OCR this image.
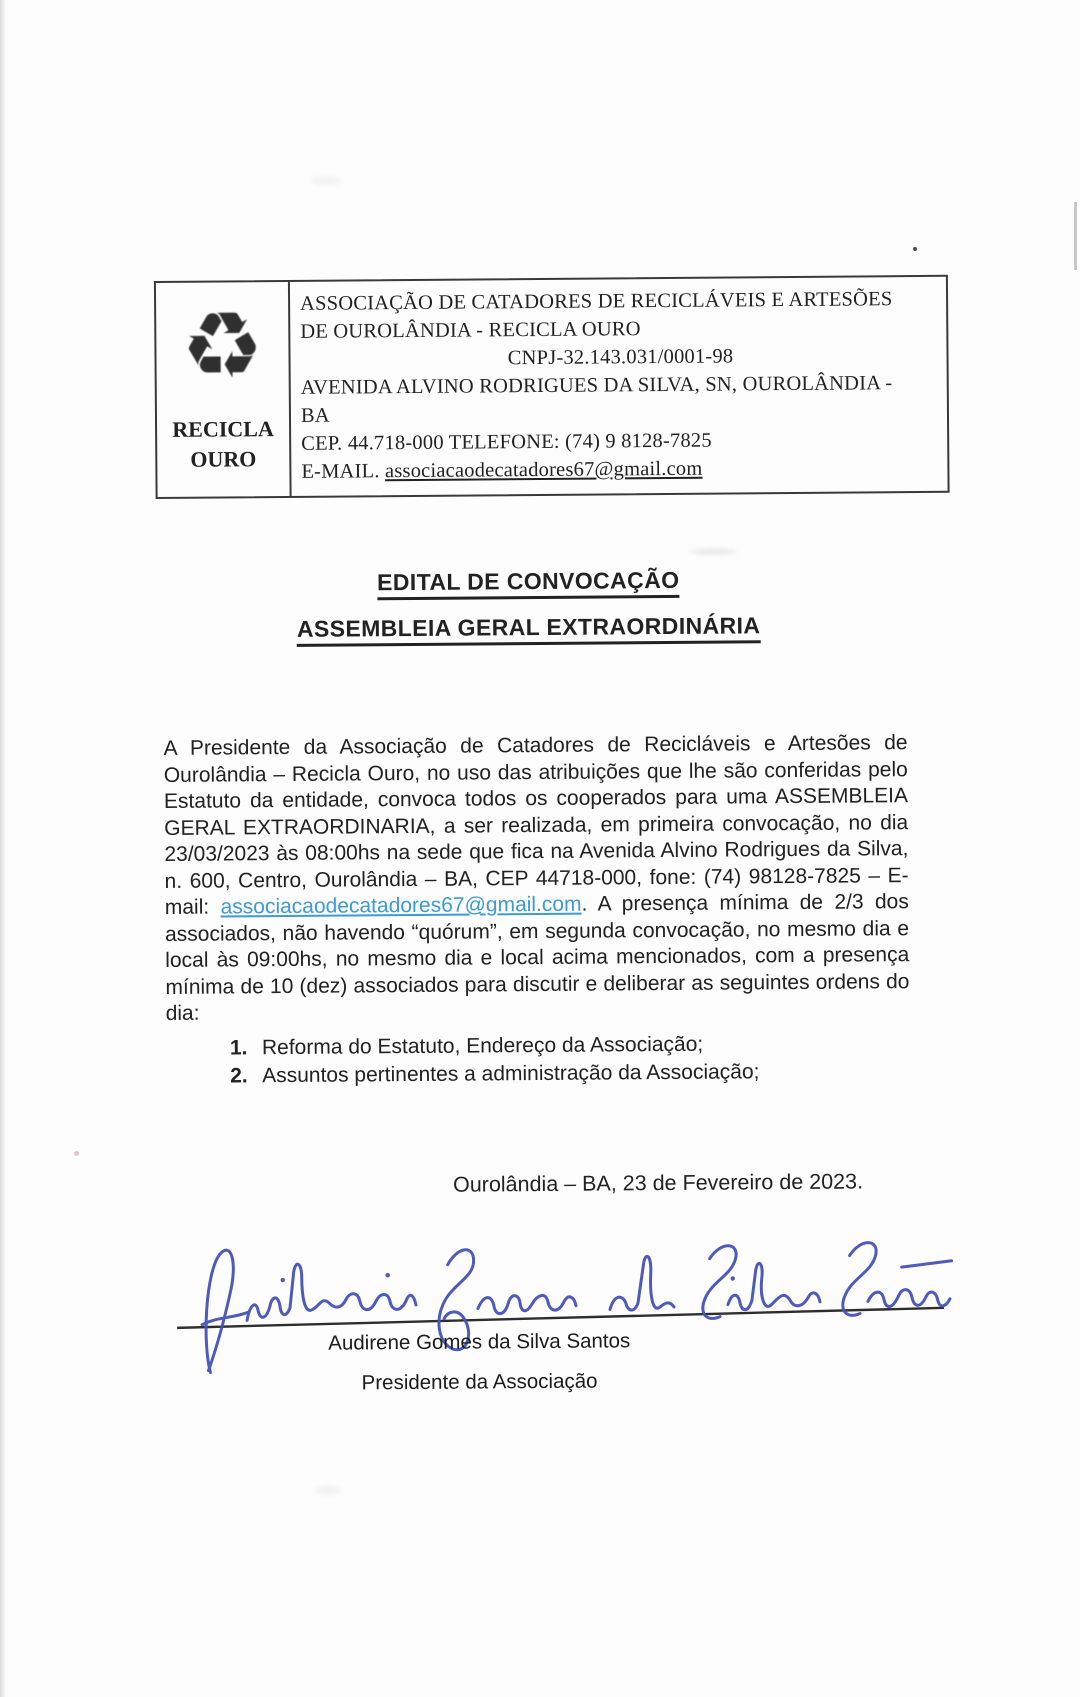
♻
RECICLA
OURO
ASSOCIAÇÃO DE CATADORES DE RECICLÁVEIS E ARTESÕES
DE OUROLÂNDIA - RECICLA OURO
CNPJ-32.143.031/0001-98
AVENIDA ALVINO RODRIGUES DA SILVA, SN, OUROLÂNDIA -
BA
CEP. 44.718-000 TELEFONE: (74) 9 8128-7825
E-MAIL. associacaodecatadores67@gmail.com
EDITAL DE CONVOCAÇÃO
ASSEMBLEIA GERAL EXTRAORDINÁRIA
A Presidente da Associação de Catadores de Recicláveis e Artesões de Ourolândia – Recicla Ouro, no uso das atribuições que lhe são conferidas pelo Estatuto da entidade, convoca todos os cooperados para uma ASSEMBLEIA GERAL EXTRAORDINARIA, a ser realizada, em primeira convocação, no dia 23/03/2023 às 08:00hs na sede que fica na Avenida Alvino Rodrigues da Silva, n. 600, Centro, Ourolândia – BA, CEP 44718-000, fone: (74) 98128-7825 – E-mail: associacaodecatadores67@gmail.com. A presença mínima de 2/3 dos associados, não havendo “quórum”, em segunda convocação, no mesmo dia e local às 09:00hs, no mesmo dia e local acima mencionados, com a presença mínima de 10 (dez) associados para discutir e deliberar as seguintes ordens do dia:
1. Reforma do Estatuto, Endereço da Associação;
2. Assuntos pertinentes a administração da Associação;
Ourolândia – BA, 23 de Fevereiro de 2023.
Audirene Gomes da Silva Santos
Presidente da Associação
